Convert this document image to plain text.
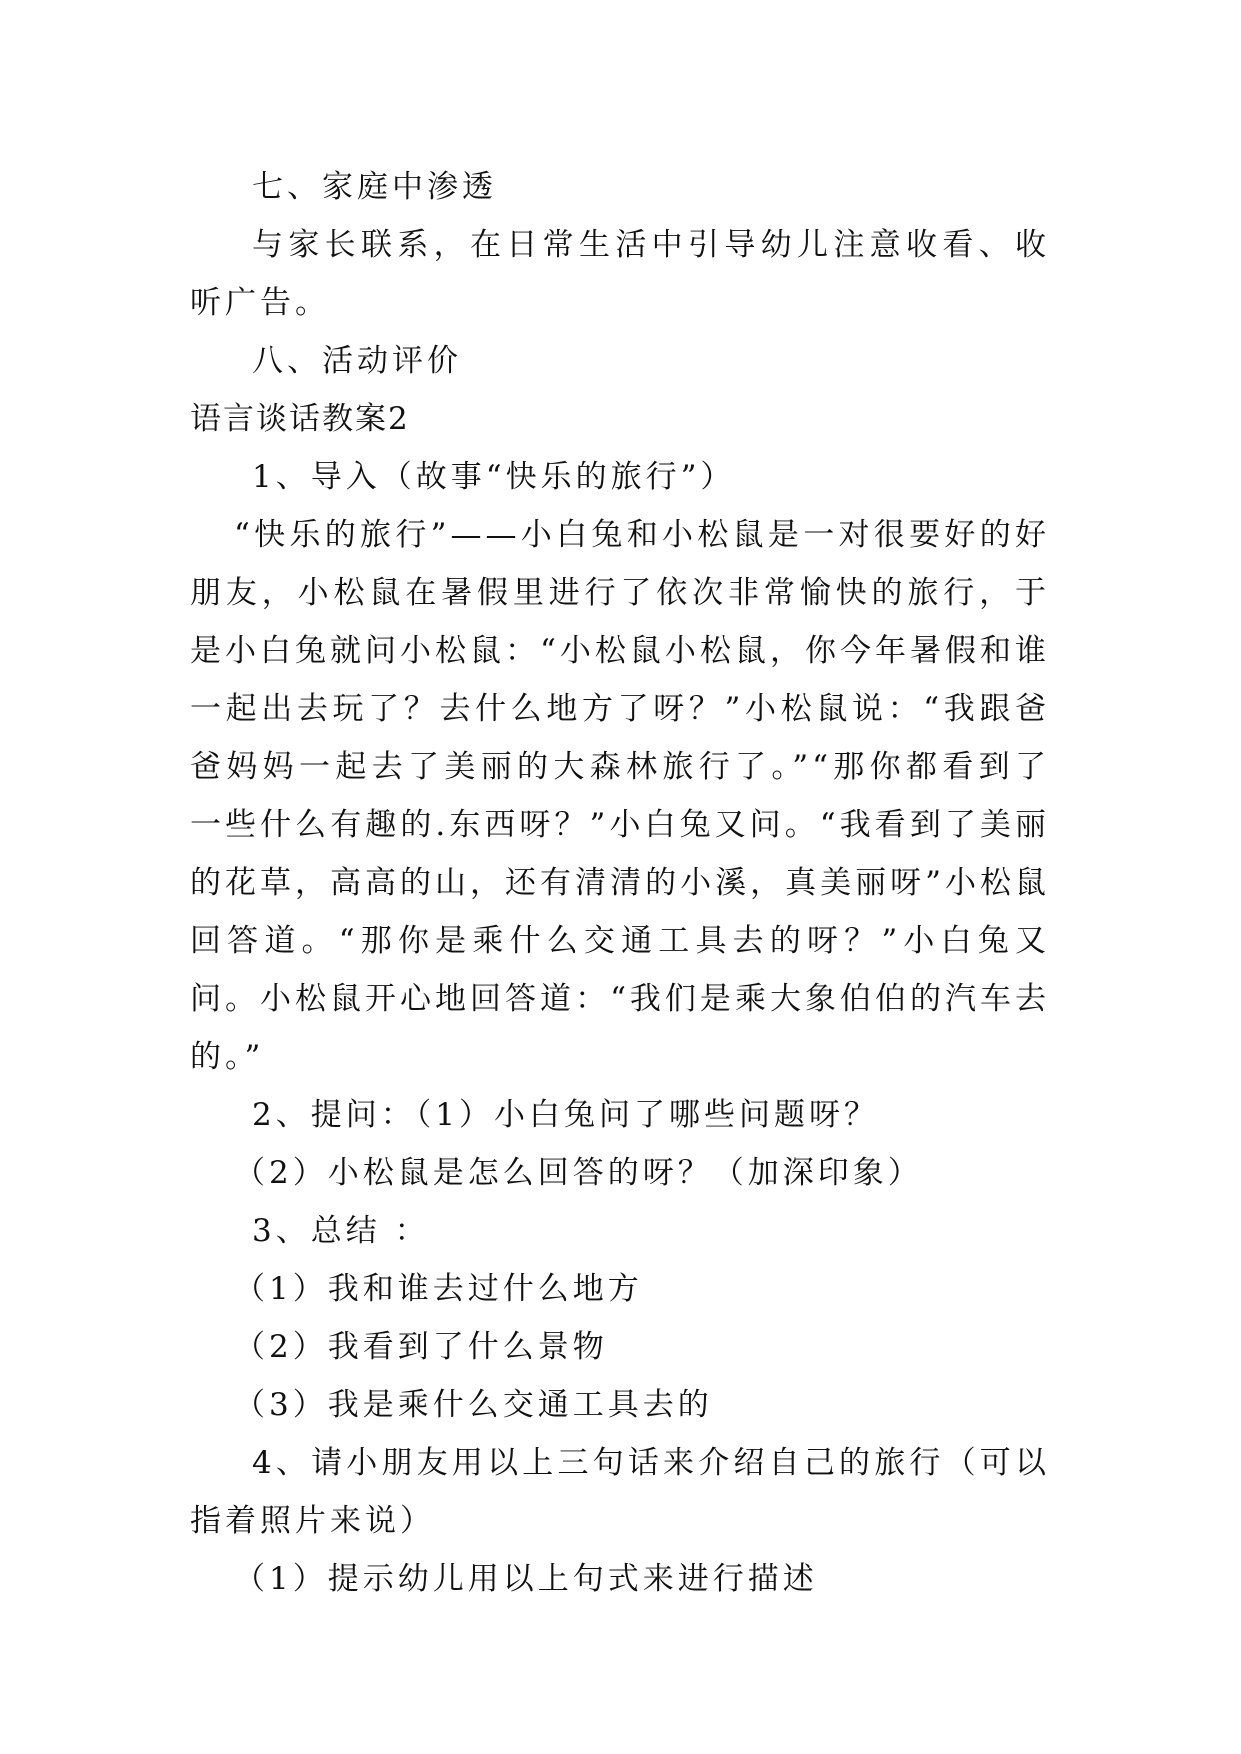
七、家庭中渗透

与家长联系，在日常生活中引导幼儿注意收看、收听广告。

八、活动评价

语言谈话教案2

1、导入（故事“快乐的旅行”）

“快乐的旅行”——小白兔和小松鼠是一对很要好的好朋友，小松鼠在暑假里进行了依次非常愉快的旅行，于是小白兔就问小松鼠：“小松鼠小松鼠，你今年暑假和谁一起出去玩了？去什么地方了呀？”小松鼠说：“我跟爸爸妈妈一起去了美丽的大森林旅行了。”“那你都看到了一些什么有趣的.东西呀？”小白兔又问。“我看到了美丽的花草，高高的山，还有清清的小溪，真美丽呀”小松鼠回答道。“那你是乘什么交通工具去的呀？”小白兔又问。小松鼠开心地回答道：“我们是乘大象伯伯的汽车去的。”

2、提问：（1）小白兔问了哪些问题呀？

（2）小松鼠是怎么回答的呀？（加深印象）

3、总结 ：

（1）我和谁去过什么地方

（2）我看到了什么景物

（3）我是乘什么交通工具去的

4、请小朋友用以上三句话来介绍自己的旅行（可以指着照片来说）

（1）提示幼儿用以上句式来进行描述
